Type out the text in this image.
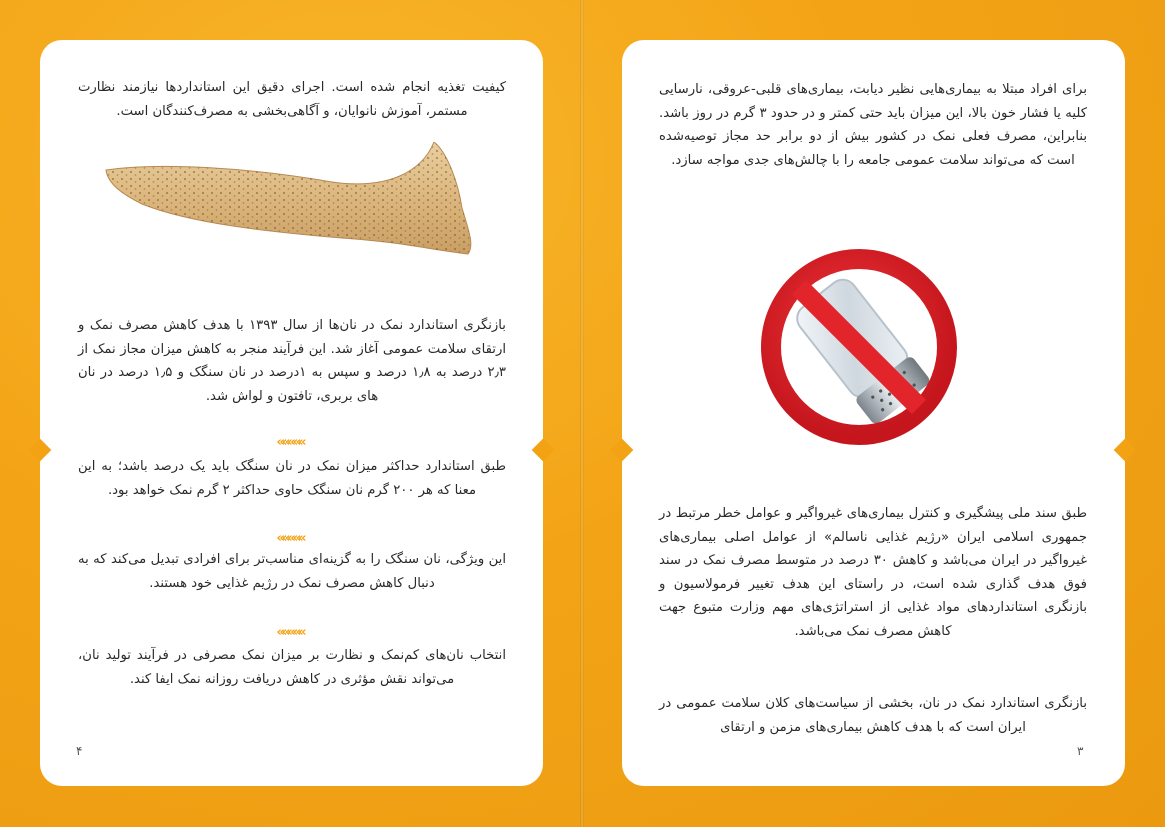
کیفیت تغذیه انجام شده است. اجرای دقیق این استانداردها نیازمند نظارت مستمر، آموزش نانوایان، و آگاهی‌بخشی به مصرف‌کنندگان است.

بازنگری استاندارد نمک در نان‌ها از سال ۱۳۹۳ با هدف کاهش مصرف نمک و ارتقای سلامت عمومی آغاز شد. این فرآیند منجر به کاهش میزان مجاز نمک از ۲٫۳ درصد به ۱٫۸ درصد و سپس به ۱درصد در نان سنگک و ۱٫۵ درصد در نان های بربری، تافتون و لواش شد.

«««««

طبق استاندارد حداکثر میزان نمک در نان سنگک باید یک درصد باشد؛ به این معنا که هر ۲۰۰ گرم نان سنگک حاوی حداکثر ۲ گرم نمک خواهد بود.

«««««

این ویژگی، نان سنگک را به گزینه‌ای مناسب‌تر برای افرادی تبدیل می‌کند که به دنبال کاهش مصرف نمک در رژیم غذایی خود هستند.

«««««

انتخاب نان‌های کم‌نمک و نظارت بر میزان نمک مصرفی در فرآیند تولید نان، می‌تواند نقش مؤثری در کاهش دریافت روزانه نمک ایفا کند.

۴

برای افراد مبتلا به بیماری‌هایی نظیر دیابت، بیماری‌های قلبی-عروقی، نارسایی کلیه یا فشار خون بالا، این میزان باید حتی کمتر و در حدود ۳ گرم در روز باشد. بنابراین، مصرف فعلی نمک در کشور بیش از دو برابر حد مجاز توصیه‌شده است که می‌تواند سلامت عمومی جامعه را با چالش‌های جدی مواجه سازد.

طبق سند ملی پیشگیری و کنترل بیماری‌های غیرواگیر و عوامل خطر مرتبط در جمهوری اسلامی ایران «رژیم غذایی ناسالم» از عوامل اصلی بیماری‌های غیرواگیر در ایران می‌باشد و کاهش ۳۰ درصد در متوسط مصرف نمک در سند فوق هدف گذاری شده است، در راستای این هدف تغییر فرمولاسیون و بازنگری استانداردهای مواد غذایی از استراتژی‌های مهم وزارت متبوع جهت کاهش مصرف نمک می‌باشد.

بازنگری استاندارد نمک در نان، بخشی از سیاست‌های کلان سلامت عمومی در ایران است که با هدف کاهش بیماری‌های مزمن و ارتقای

۳
